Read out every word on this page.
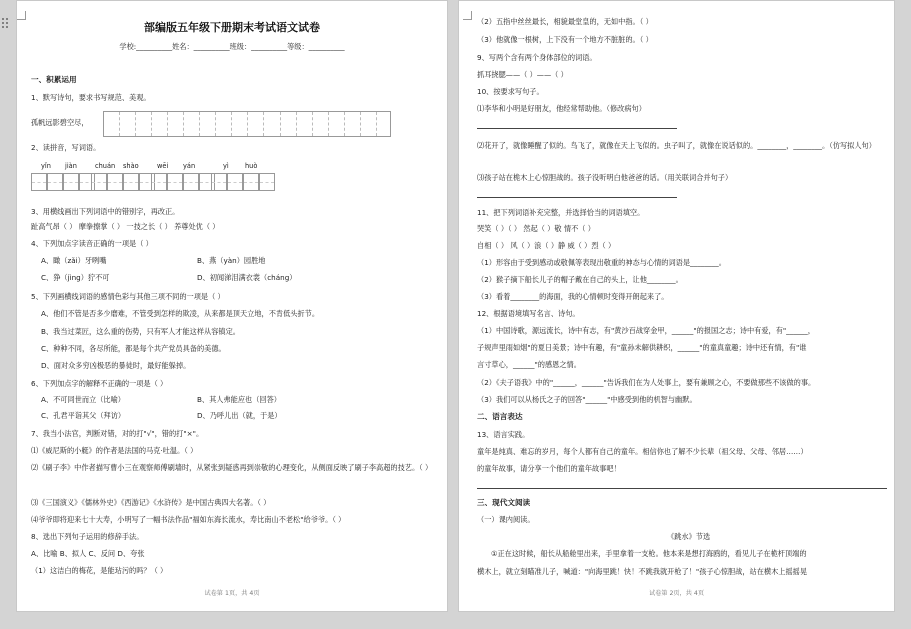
部编版五年级下册期末考试语文试卷
学校:__________姓名：__________班级：__________等级：__________
一、积累运用
1、默写诗句，要求书写规范、美观。
孤帆远影碧空尽，
2、读拼音，写词语。
yǐn jiàn	chuán shào	wēi yán	yì huò
3、用横线画出下列词语中的错别字，再改正。
趾高气昂（ ） 摩拳擦掌（ ） 一技之长（ ） 养尊处优（ ）
4、下列加点字读音正确的一项是（ ）
A、瞰（zǎi）牙咧嘴	B、燕（yàn）园胜地
C、狰（jìng）狞不可	D、初闻涕泪满衣裳（cháng）
5、下列画横线词语的感情色彩与其他三项不同的一项是（ ）
A、他们不管是否多少磨难，不管受到怎样的欺凌，从来都是顶天立地，不肯低头折节。
B、我当过菜匠，这么重的伤势，只有军人才能这样从容镇定。
C、种种不同，各尽所能，都是每个共产党员具备的美德。
D、面对众多穷凶极恶的暴徒时，最好能躲掉。
6、下列加点字的解释不正确的一项是（ ）
A、不可同世而立（比喻）	B、其人弗能应也（回答）
C、孔君平诣其父（拜访）	D、乃呼儿出（就，于是）
7、我当小法官，判断对错，对的打"√"，错的打"×"。
⑴《威尼斯的小艇》的作者是法国的马克·吐温。（ ）
⑵《刷子李》中作者描写曹小三在观察师傅刷墙时，从紧张到疑惑再到崇敬的心理变化，从侧面反映了刷子李高超的技艺。（ ）
⑶《三国演义》《儒林外史》《西游记》《水浒传》是中国古典四大名著。（ ）
⑷爷爷即将迎来七十大寿，小明写了一幅书法作品"福如东海长流水，寿比南山不老松"给爷爷。（ ）
8、选出下列句子运用的修辞手法。
A、比喻 B、拟人 C、反问 D、夸张
（1）这洁白的梅花，是能玷污的吗？（ ）
试卷第 1页，共 4页
（2）五指中丝丝最长，相貌最堂皇的，无如中指。（ ）
（3）他就像一根树，上下没有一个地方不脏脏的。（ ）
9、写两个含有两个身体部位的词语。
抓耳挠腮——（ ）——（ ）
10、按要求写句子。
⑴李华和小明是好朋友，他经常帮助他。（修改病句）
⑵花开了，就像睡醒了似的。鸟飞了，就像在天上飞似的。虫子叫了，就像在说话似的。________，________。（仿写拟人句）
⑶孩子站在桅木上心惊胆战的。孩子没听明白他爸爸的话。（用关联词合并句子）
11、把下列词语补充完整，并选择恰当的词语填空。
哭笑（ ）（ ） 然起（ ）敬 情不（ ）
自相（ ） 风（ ）浪（ ）静 威（ ）烈（ ）
（1）形容由于受到感动或敬佩等表现出敬重的神态与心情的词语是________。
（2）猴子摘下船长儿子的帽子戴在自己的头上，让他________。
（3）看着________的海面，我的心情顿时变得开朗起来了。
12、根据语境填写名言、诗句。
（1）中国诗歌，源远流长，诗中有志，有"黄沙百战穿金甲，______"的报国之志；诗中有爱，有"______，
子规声里雨如烟"的夏日美景；诗中有趣，有"童孙未解供耕织，______"的童真童趣；诗中还有情，有"谁
言寸草心，______"的感恩之情。
（2）《夫子语我》中的"______，______"告诉我们在为人处事上，要有兼顾之心，不要做那些不该做的事。
（3）我们可以从杨氏之子的回答"______"中感受到他的机智与幽默。
二、语言表达
13、语言实践。
童年是纯真、难忘的岁月，每个人都有自己的童年。相信你也了解不少长辈（祖父母、父母、邻居……）
的童年故事，请分享一个他们的童年故事吧！
三、现代文阅读
（一）课内阅读。
《跳水》节选
①正在这时候，船长从船舱里出来，手里拿着一支枪。他本来是想打海鸥的，看见儿子在桅杆顶端的
横木上，就立刻瞄准儿子，喊道："向海里跳！快！不跳我就开枪了！"孩子心惊胆战，站在横木上摇摇晃
试卷第 2页，共 4页
